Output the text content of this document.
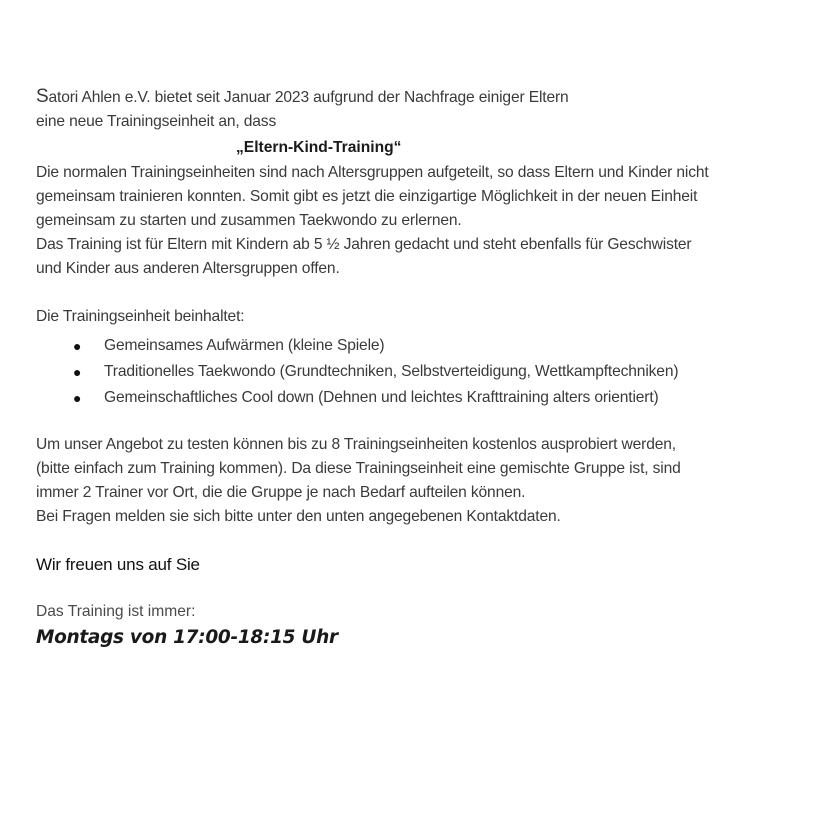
Satori Ahlen e.V. bietet seit Januar 2023 aufgrund der Nachfrage einiger Eltern
eine neue Trainingseinheit an, dass
„Eltern-Kind-Training“
Die normalen Trainingseinheiten sind nach Altersgruppen aufgeteilt, so dass Eltern und Kinder nicht
gemeinsam trainieren konnten. Somit gibt es jetzt die einzigartige Möglichkeit in der neuen Einheit
gemeinsam zu starten und zusammen Taekwondo zu erlernen.
Das Training ist für Eltern mit Kindern ab 5 ½ Jahren gedacht und steht ebenfalls für Geschwister
und Kinder aus anderen Altersgruppen offen.
Die Trainingseinheit beinhaltet:
● Gemeinsames Aufwärmen (kleine Spiele)
● Traditionelles Taekwondo (Grundtechniken, Selbstverteidigung, Wettkampftechniken)
● Gemeinschaftliches Cool down (Dehnen und leichtes Krafttraining alters orientiert)
Um unser Angebot zu testen können bis zu 8 Trainingseinheiten kostenlos ausprobiert werden,
(bitte einfach zum Training kommen). Da diese Trainingseinheit eine gemischte Gruppe ist, sind
immer 2 Trainer vor Ort, die die Gruppe je nach Bedarf aufteilen können.
Bei Fragen melden sie sich bitte unter den unten angegebenen Kontaktdaten.
Wir freuen uns auf Sie
Das Training ist immer:
Montags von 17:00-18:15 Uhr
